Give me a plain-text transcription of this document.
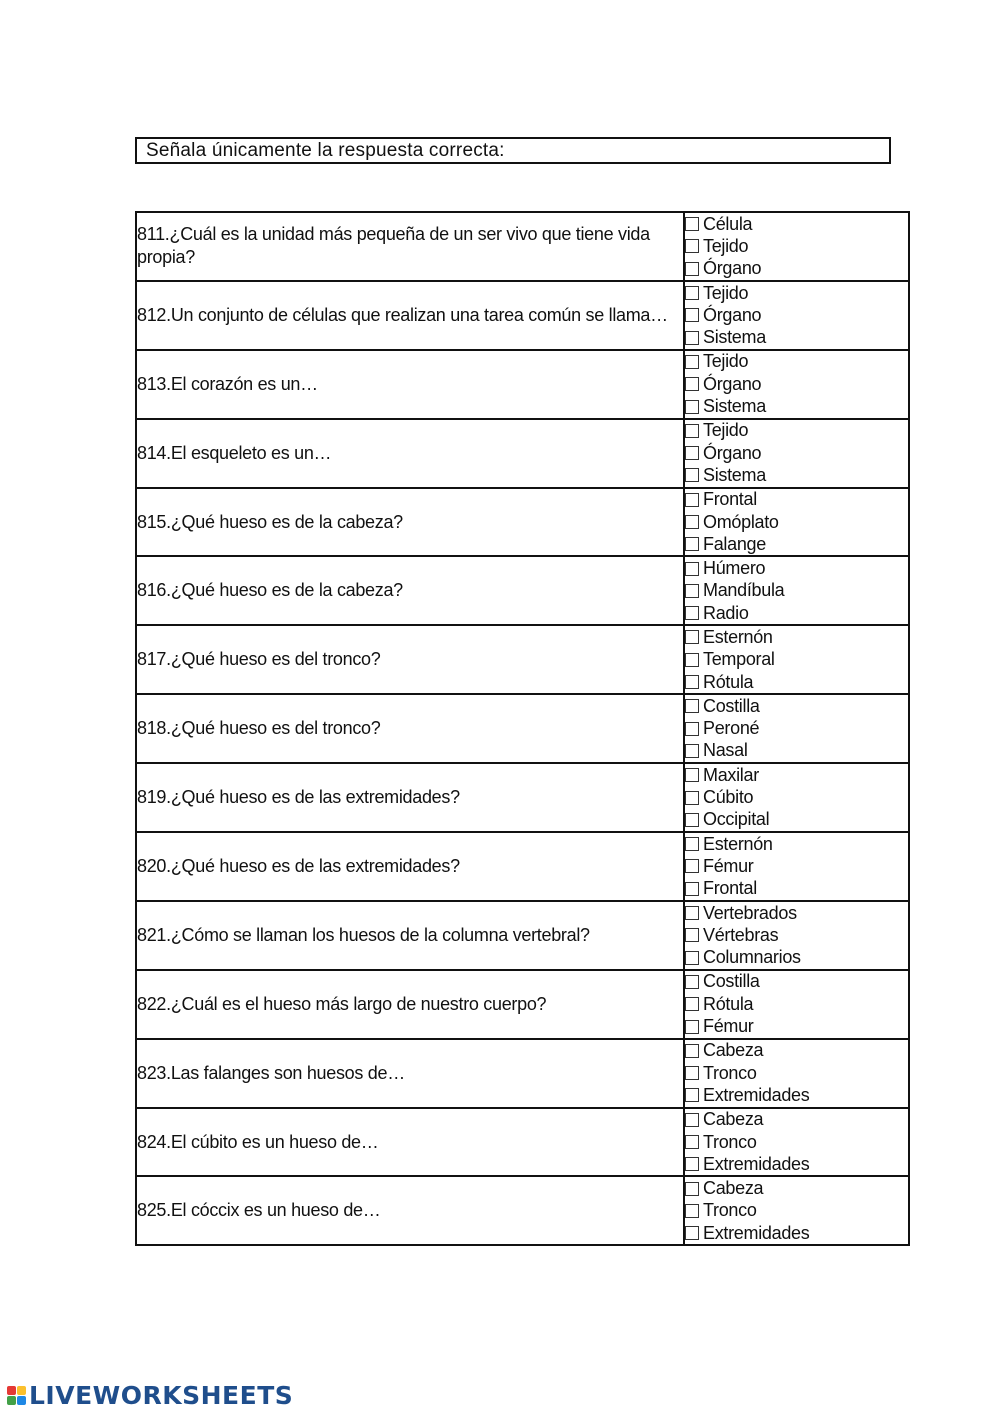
Señala únicamente la respuesta correcta:
811.¿Cuál es la unidad más pequeña de un ser vivo que tiene vida propia?	Célula
Tejido
Órgano

812.Un conjunto de células que realizan una tarea común se llama…	Tejido
Órgano
Sistema

813.El corazón es un…	Tejido
Órgano
Sistema

814.El esqueleto es un…	Tejido
Órgano
Sistema

815.¿Qué hueso es de la cabeza?	Frontal
Omóplato
Falange

816.¿Qué hueso es de la cabeza?	Húmero
Mandíbula
Radio

817.¿Qué hueso es del tronco?	Esternón
Temporal
Rótula

818.¿Qué hueso es del tronco?	Costilla
Peroné
Nasal

819.¿Qué hueso es de las extremidades?	Maxilar
Cúbito
Occipital

820.¿Qué hueso es de las extremidades?	Esternón
Fémur
Frontal

821.¿Cómo se llaman los huesos de la columna vertebral?	Vertebrados
Vértebras
Columnarios

822.¿Cuál es el hueso más largo de nuestro cuerpo?	Costilla
Rótula
Fémur

823.Las falanges son huesos de…	Cabeza
Tronco
Extremidades

824.El cúbito es un hueso de…	Cabeza
Tronco
Extremidades

825.El cóccix es un hueso de…	Cabeza
Tronco
Extremidades
LIVEWORKSHEETS
